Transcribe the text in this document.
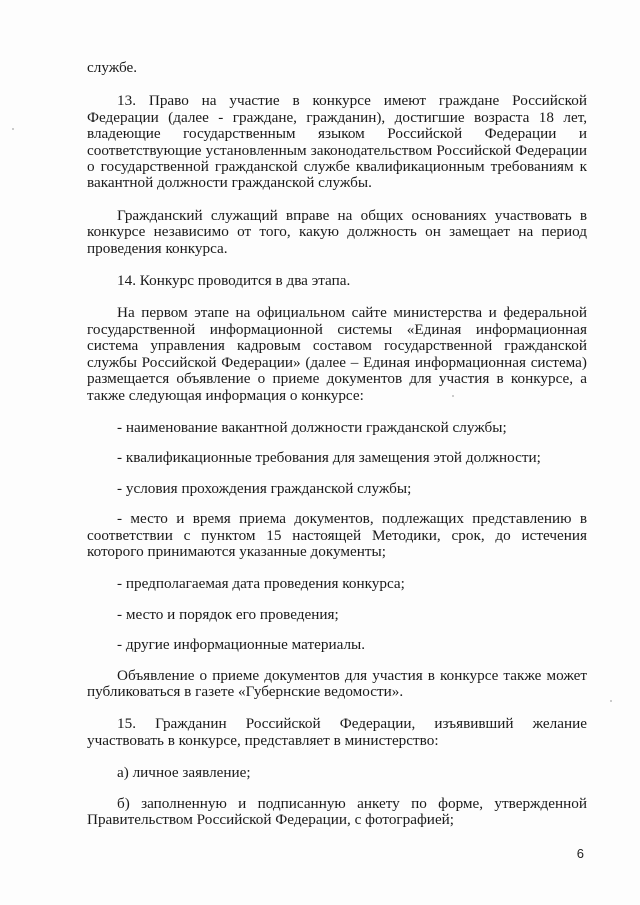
службе.

13. Право на участие в конкурсе имеют граждане Российской Федерации (далее - граждане, гражданин), достигшие возраста 18 лет, владеющие государственным языком Российской Федерации и соответствующие установленным законодательством Российской Федерации о государственной гражданской службе квалификационным требованиям к вакантной должности гражданской службы.

Гражданский служащий вправе на общих основаниях участвовать в конкурсе независимо от того, какую должность он замещает на период проведения конкурса.

14. Конкурс проводится в два этапа.

На первом этапе на официальном сайте министерства и федеральной государственной информационной системы «Единая информационная система управления кадровым составом государственной гражданской службы Российской Федерации» (далее – Единая информационная система) размещается объявление о приеме документов для участия в конкурсе, а также следующая информация о конкурсе:

- наименование вакантной должности гражданской службы;

- квалификационные требования для замещения этой должности;

- условия прохождения гражданской службы;

- место и время приема документов, подлежащих представлению в соответствии с пунктом 15 настоящей Методики, срок, до истечения которого принимаются указанные документы;

- предполагаемая дата проведения конкурса;

- место и порядок его проведения;

- другие информационные материалы.

Объявление о приеме документов для участия в конкурсе также может публиковаться в газете «Губернские ведомости».

15. Гражданин Российской Федерации, изъявивший желание участвовать в конкурсе, представляет в министерство:

а) личное заявление;

б) заполненную и подписанную анкету по форме, утвержденной Правительством Российской Федерации, с фотографией;

6
